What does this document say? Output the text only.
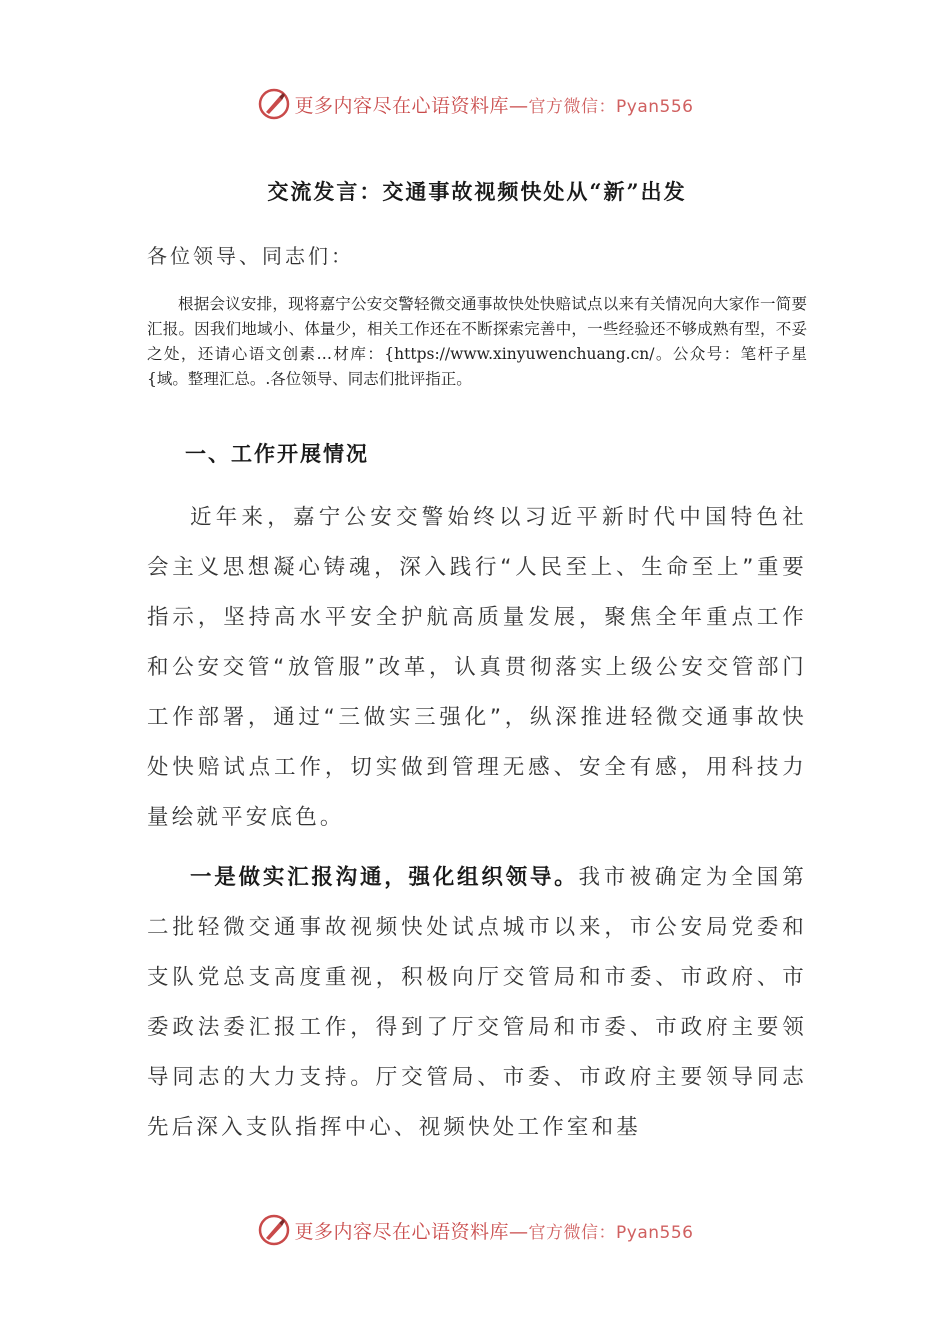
更多内容尽在心语资料库—官方微信：Pyan556
交流发言：交通事故视频快处从“新”出发
各位领导、同志们：
根据会议安排，现将嘉宁公安交警轻微交通事故快处快赔试点以来有关情况向大家作一简要汇报。因我们地域小、体量少，相关工作还在不断探索完善中，一些经验还不够成熟有型，不妥之处，还请心语文创素…材库：{https://www.xinyuwenchuang.cn/。公众号：笔杆子星{域。整理汇总。.各位领导、同志们批评指正。
一、工作开展情况
近年来，嘉宁公安交警始终以习近平新时代中国特色社会主义思想凝心铸魂，深入践行“人民至上、生命至上”重要指示，坚持高水平安全护航高质量发展，聚焦全年重点工作和公安交管“放管服”改革，认真贯彻落实上级公安交管部门工作部署，通过“三做实三强化”，纵深推进轻微交通事故快处快赔试点工作，切实做到管理无感、安全有感，用科技力量绘就平安底色。
一是做实汇报沟通，强化组织领导。我市被确定为全国第二批轻微交通事故视频快处试点城市以来，市公安局党委和支队党总支高度重视，积极向厅交管局和市委、市政府、市委政法委汇报工作，得到了厅交管局和市委、市政府主要领导同志的大力支持。厅交管局、市委、市政府主要领导同志先后深入支队指挥中心、视频快处工作室和基
更多内容尽在心语资料库—官方微信：Pyan556
